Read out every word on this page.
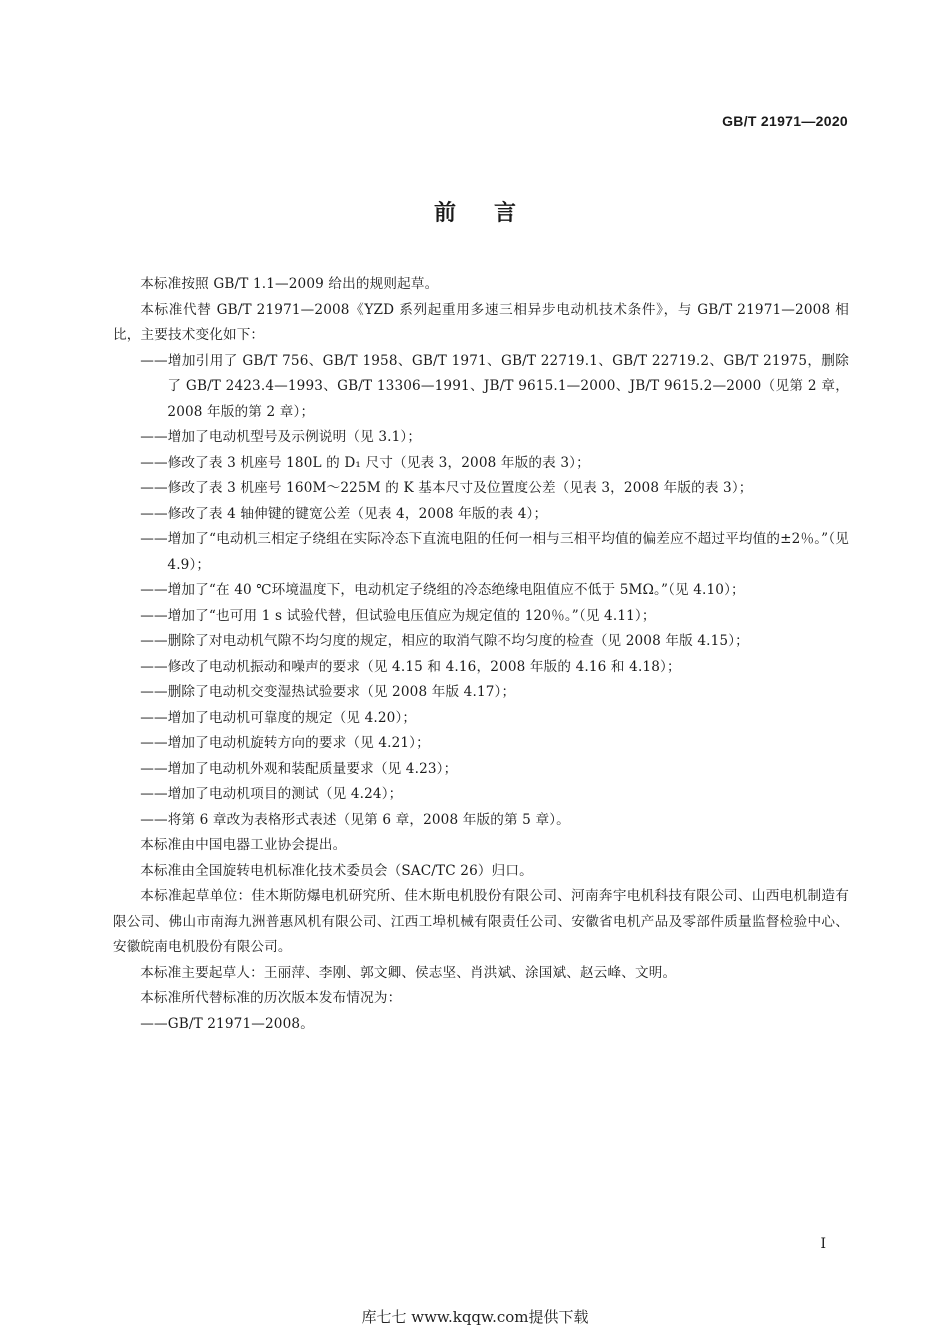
GB/T 21971—2020
前言

本标准按照 GB/T 1.1—2009 给出的规则起草。

本标准代替 GB/T 21971—2008《YZD 系列起重用多速三相异步电动机技术条件》，与 GB/T 21971—2008 相比，主要技术变化如下：

——增加引用了 GB/T 756、GB/T 1958、GB/T 1971、GB/T 22719.1、GB/T 22719.2、GB/T 21975，删除了 GB/T 2423.4—1993、GB/T 13306—1991、JB/T 9615.1—2000、JB/T 9615.2—2000（见第 2 章，2008 年版的第 2 章）；

——增加了电动机型号及示例说明（见 3.1）；

——修改了表 3 机座号 180L 的 D₁ 尺寸（见表 3，2008 年版的表 3）；

——修改了表 3 机座号 160M～225M 的 K 基本尺寸及位置度公差（见表 3，2008 年版的表 3）；

——修改了表 4 轴伸键的键宽公差（见表 4，2008 年版的表 4）；

——增加了“电动机三相定子绕组在实际冷态下直流电阻的任何一相与三相平均值的偏差应不超过平均值的±2％。”（见 4.9）；

——增加了“在 40 ℃环境温度下，电动机定子绕组的冷态绝缘电阻值应不低于 5MΩ。”（见 4.10）；

——增加了“也可用 1 s 试验代替，但试验电压值应为规定值的 120％。”（见 4.11）；

——删除了对电动机气隙不均匀度的规定，相应的取消气隙不均匀度的检查（见 2008 年版 4.15）；

——修改了电动机振动和噪声的要求（见 4.15 和 4.16，2008 年版的 4.16 和 4.18）；

——删除了电动机交变湿热试验要求（见 2008 年版 4.17）；

——增加了电动机可靠度的规定（见 4.20）；

——增加了电动机旋转方向的要求（见 4.21）；

——增加了电动机外观和装配质量要求（见 4.23）；

——增加了电动机项目的测试（见 4.24）；

——将第 6 章改为表格形式表述（见第 6 章，2008 年版的第 5 章）。

本标准由中国电器工业协会提出。

本标准由全国旋转电机标准化技术委员会（SAC/TC 26）归口。

本标准起草单位：佳木斯防爆电机研究所、佳木斯电机股份有限公司、河南奔宇电机科技有限公司、山西电机制造有限公司、佛山市南海九洲普惠风机有限公司、江西工埠机械有限责任公司、安徽省电机产品及零部件质量监督检验中心、安徽皖南电机股份有限公司。

本标准主要起草人：王丽萍、李刚、郭文卿、侯志坚、肖洪斌、涂国斌、赵云峰、文明。

本标准所代替标准的历次版本发布情况为：

——GB/T 21971—2008。

I
库七七 www.kqqw.com提供下载
